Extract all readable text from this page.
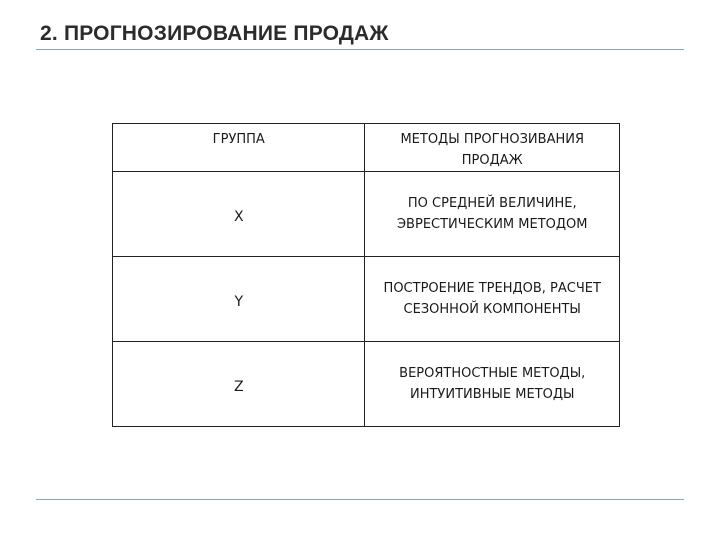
2. ПРОГНОЗИРОВАНИЕ ПРОДАЖ
ГРУППА	МЕТОДЫ ПРОГНОЗИВАНИЯ ПРОДАЖ
X	ПО СРЕДНЕЙ ВЕЛИЧИНЕ, ЭВРЕСТИЧЕСКИМ МЕТОДОМ
Y	ПОСТРОЕНИЕ ТРЕНДОВ, РАСЧЕТ СЕЗОННОЙ КОМПОНЕНТЫ
Z	ВЕРОЯТНОСТНЫЕ МЕТОДЫ, ИНТУИТИВНЫЕ МЕТОДЫ
